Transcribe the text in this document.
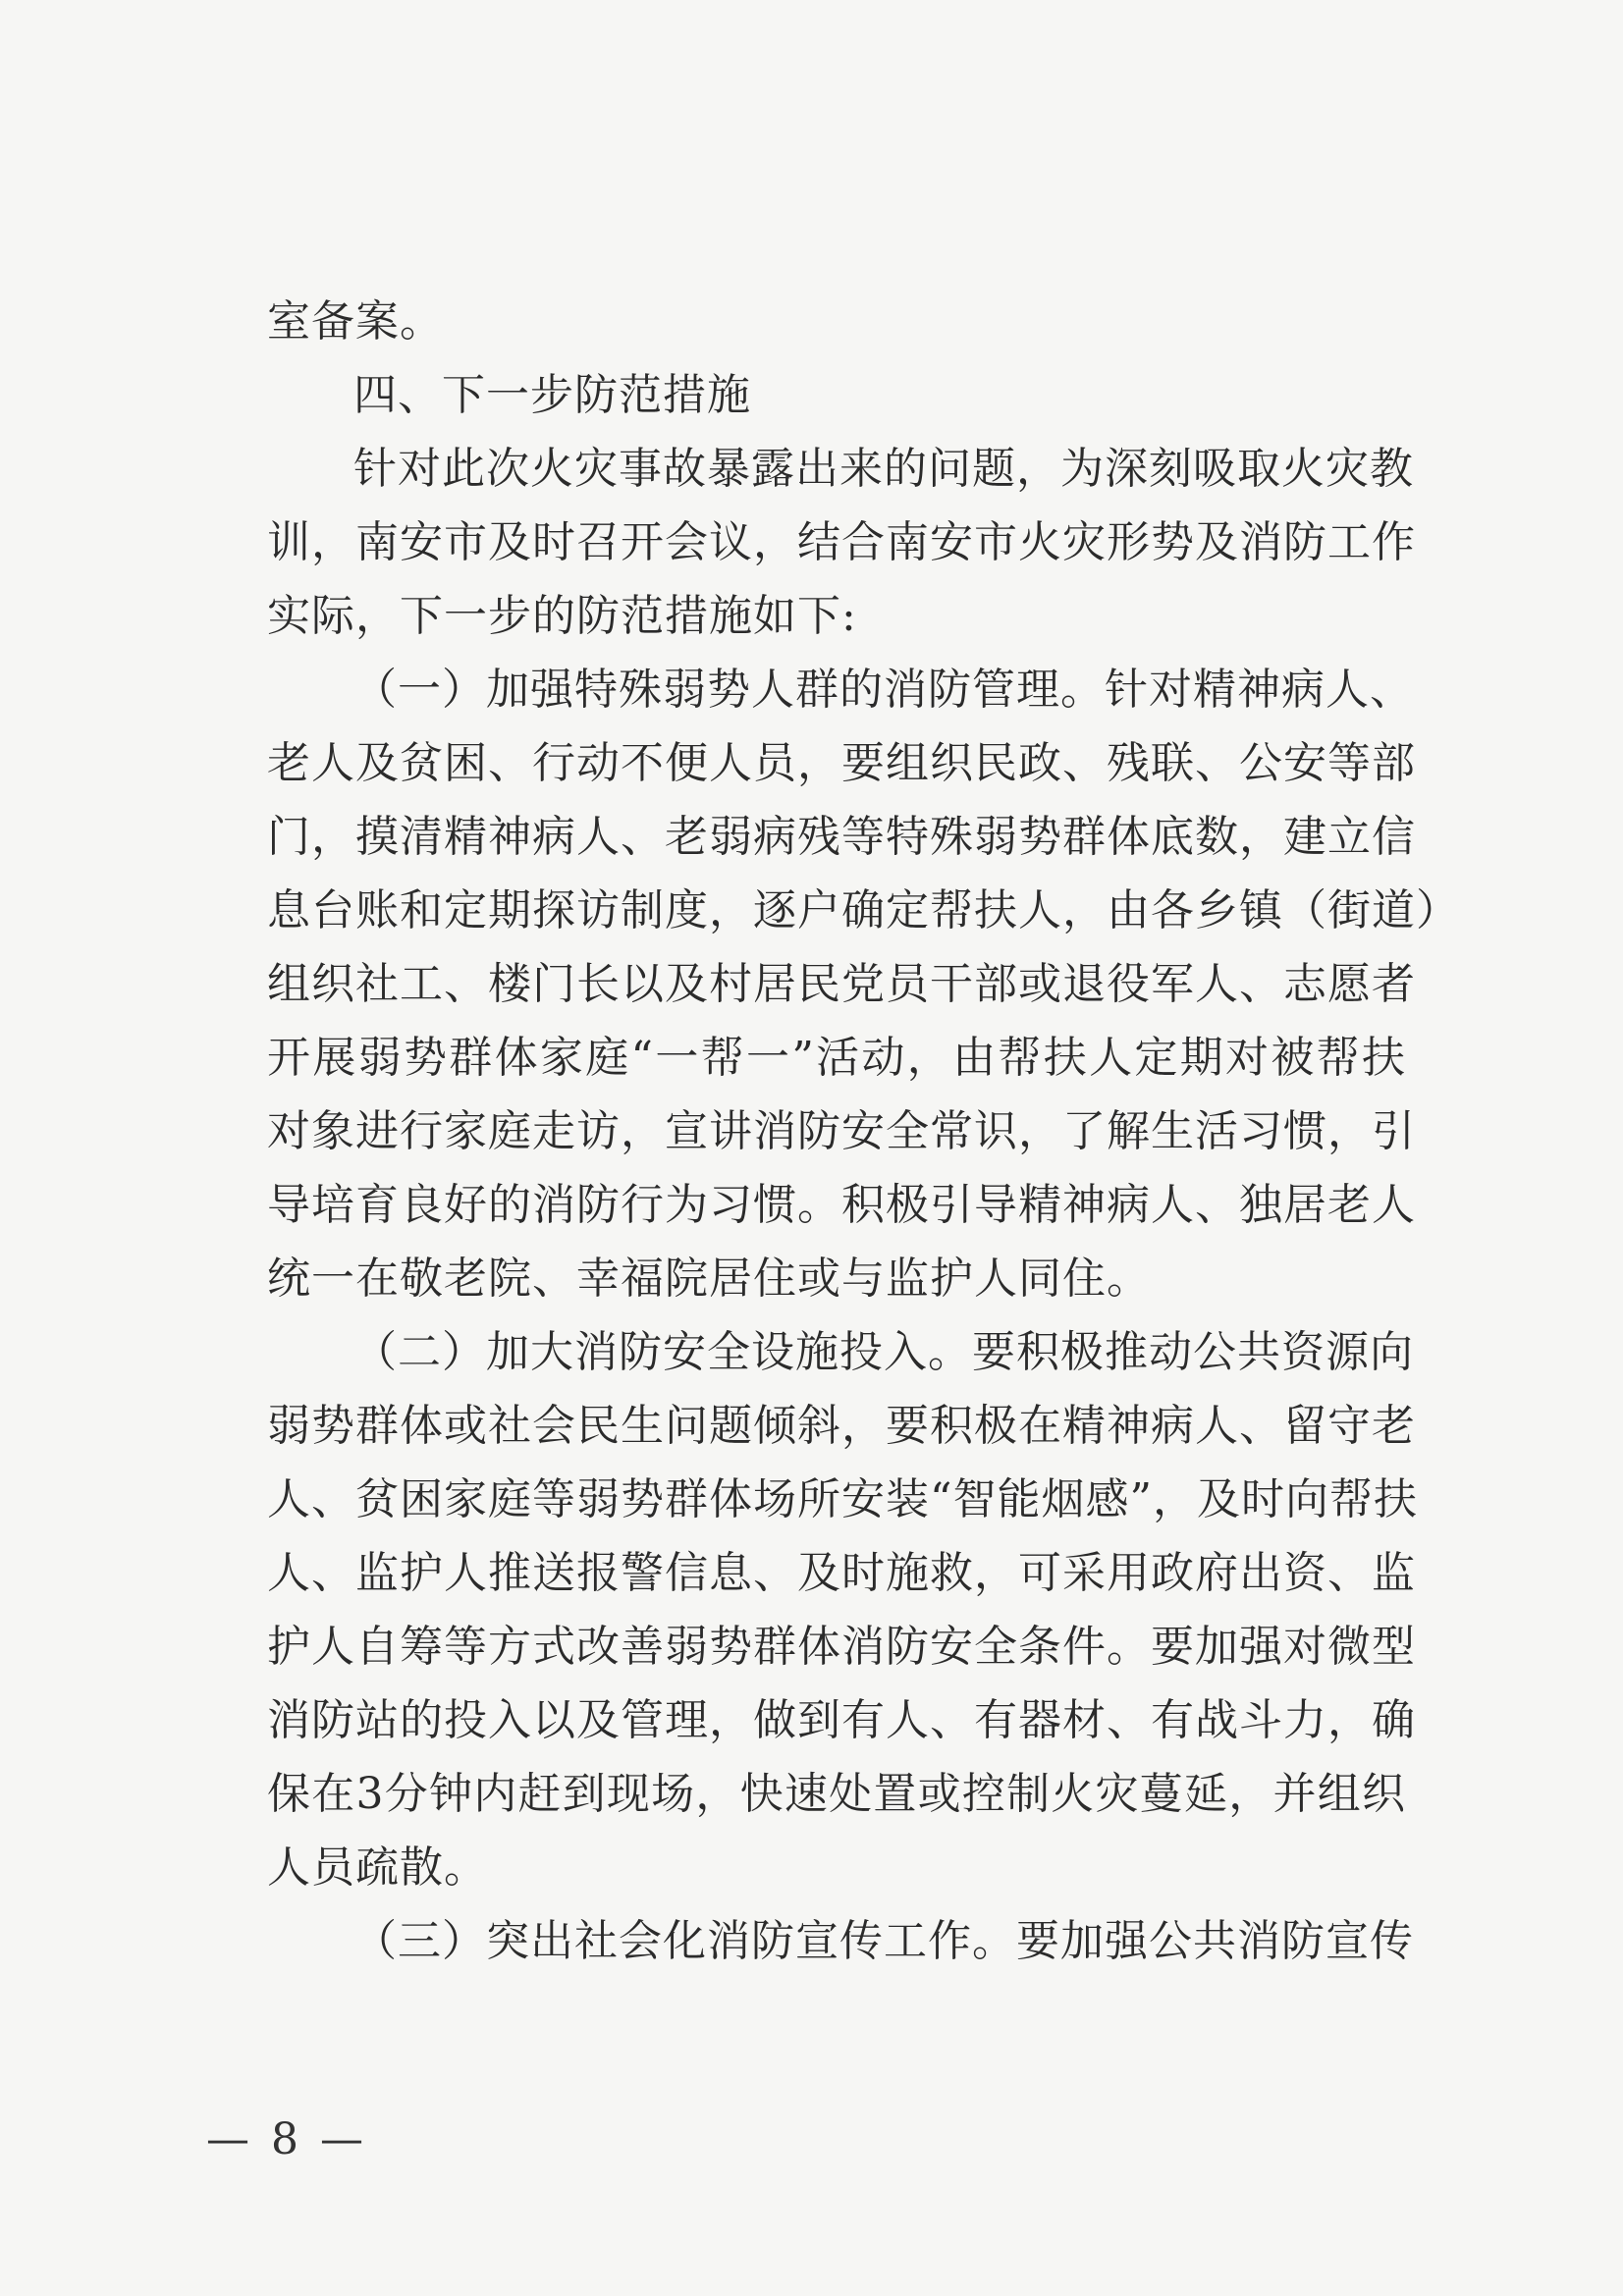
室备案。
四、下一步防范措施
针对此次火灾事故暴露出来的问题，为深刻吸取火灾教
训，南安市及时召开会议，结合南安市火灾形势及消防工作
实际，下一步的防范措施如下:
（一）加强特殊弱势人群的消防管理。针对精神病人、
老人及贫困、行动不便人员，要组织民政、残联、公安等部
门，摸清精神病人、老弱病残等特殊弱势群体底数，建立信
息台账和定期探访制度，逐户确定帮扶人，由各乡镇（街道）
组织社工、楼门长以及村居民党员干部或退役军人、志愿者
开展弱势群体家庭“一帮一”活动，由帮扶人定期对被帮扶
对象进行家庭走访，宣讲消防安全常识，了解生活习惯，引
导培育良好的消防行为习惯。积极引导精神病人、独居老人
统一在敬老院、幸福院居住或与监护人同住。
（二）加大消防安全设施投入。要积极推动公共资源向
弱势群体或社会民生问题倾斜，要积极在精神病人、留守老
人、贫困家庭等弱势群体场所安装“智能烟感”，及时向帮扶
人、监护人推送报警信息、及时施救，可采用政府出资、监
护人自筹等方式改善弱势群体消防安全条件。要加强对微型
消防站的投入以及管理，做到有人、有器材、有战斗力，确
保在3分钟内赶到现场，快速处置或控制火灾蔓延，并组织
人员疏散。
（三）突出社会化消防宣传工作。要加强公共消防宣传
— 8 —
